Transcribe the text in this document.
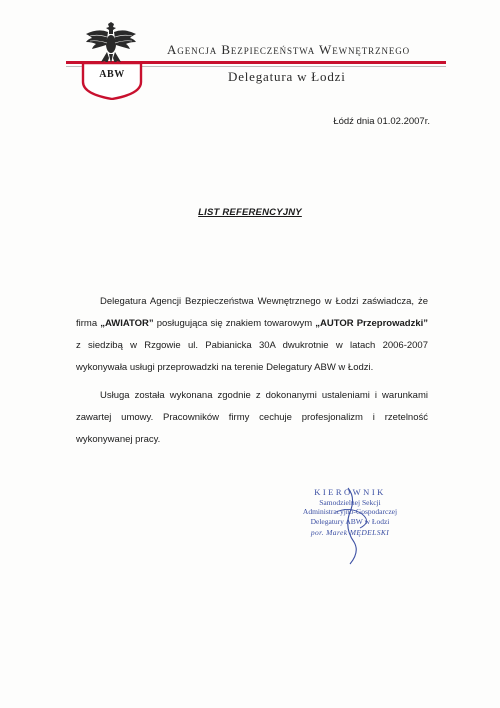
ABW
Agencja Bezpieczeństwa Wewnętrznego
Delegatura w Łodzi
Łódź dnia 01.02.2007r.
LIST REFERENCYJNY

Delegatura Agencji Bezpieczeństwa Wewnętrznego w Łodzi zaświadcza, że firma „AWIATOR” posługująca się znakiem towarowym „AUTOR Przeprowadzki” z siedzibą w Rzgowie ul. Pabianicka 30A dwukrotnie w latach 2006-2007 wykonywała usługi przeprowadzki na terenie Delegatury ABW w Łodzi.

Usługa została wykonana zgodnie z dokonanymi ustaleniami i warunkami zawartej umowy. Pracowników firmy cechuje profesjonalizm i rzetelność wykonywanej pracy.

KIEROWNIK
Samodzielnej Sekcji
Administracyjno-Gospodarczej
Delegatury ABW w Łodzi
por. Marek MĘDELSKI
